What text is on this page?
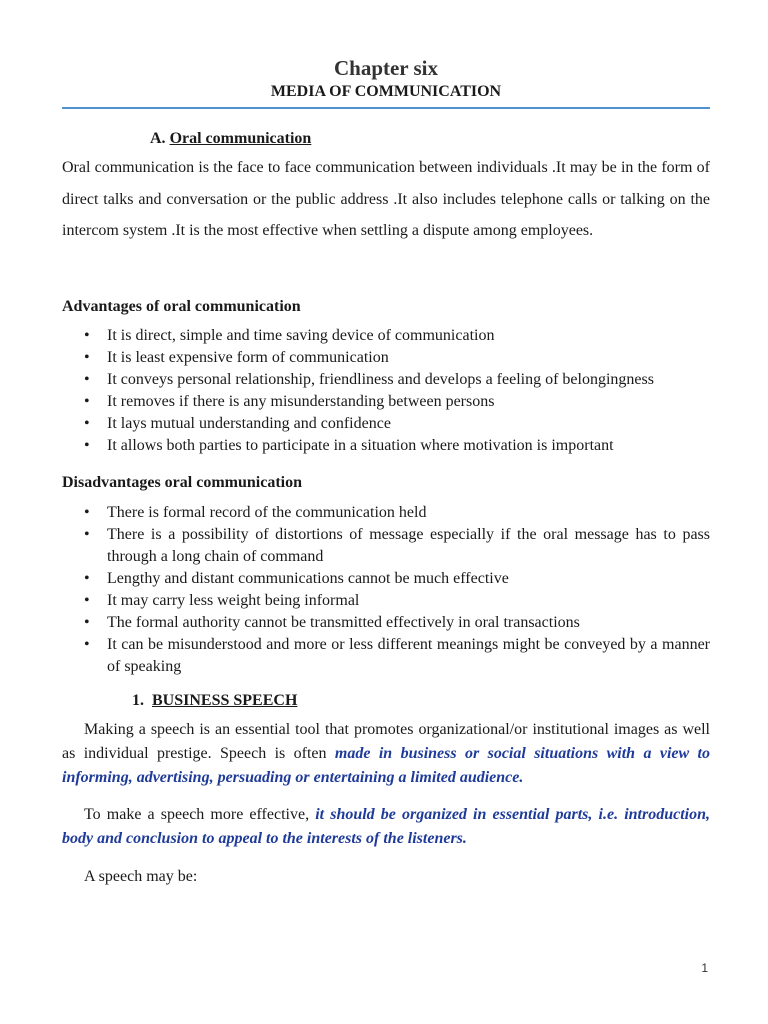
Chapter six
MEDIA OF COMMUNICATION
A. Oral communication

Oral communication is the face to face communication between individuals .It may be in the form of direct talks and conversation or the public address .It also includes telephone calls or talking on the intercom system .It is the most effective when settling a dispute among employees.

Advantages of oral communication
• It is direct, simple and time saving device of communication
• It is least expensive form of communication
• It conveys personal relationship, friendliness and develops a feeling of belongingness
• It removes if there is any misunderstanding between persons
• It lays mutual understanding and confidence
• It allows both parties to participate in a situation where motivation is important
Disadvantages oral communication
• There is formal record of the communication held
• There is a possibility of distortions of message especially if the oral message has to pass through a long chain of command
• Lengthy and distant communications cannot be much effective
• It may carry less weight being informal
• The formal authority cannot be transmitted effectively in oral transactions
• It can be misunderstood and more or less different meanings might be conveyed by a manner of speaking
1. BUSINESS SPEECH

Making a speech is an essential tool that promotes organizational/or institutional images as well as individual prestige. Speech is often made in business or social situations with a view to informing, advertising, persuading or entertaining a limited audience.

To make a speech more effective, it should be organized in essential parts, i.e. introduction, body and conclusion to appeal to the interests of the listeners.

A speech may be:

1
